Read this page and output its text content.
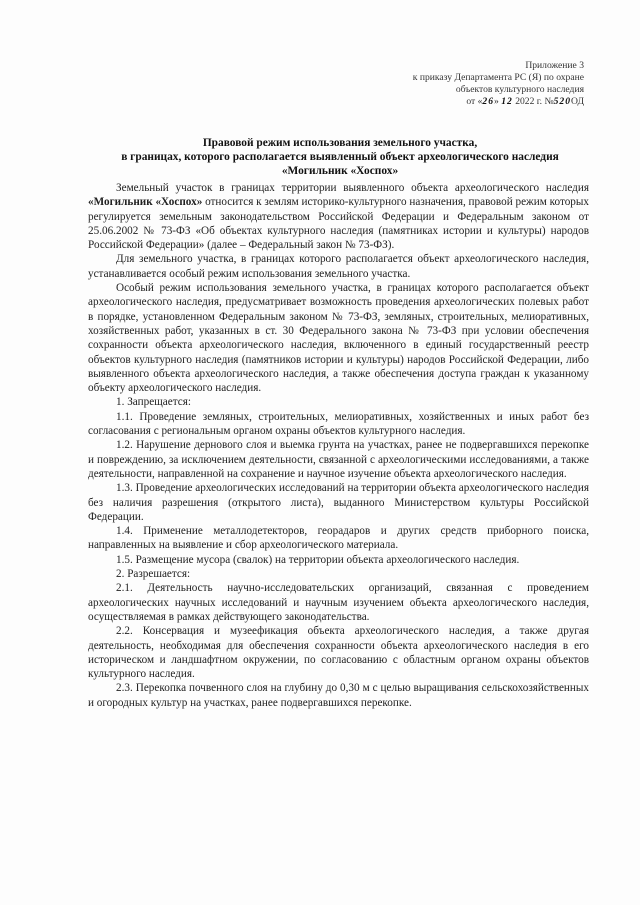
Приложение 3
к приказу Департамента РС (Я) по охране
объектов культурного наследия
от «26» 12 2022 г. №520ОД
Правовой режим использования земельного участка,
в границах, которого располагается выявленный объект археологического наследия
«Могильник «Хоспох»

Земельный участок в границах территории выявленного объекта археологического наследия «Могильник «Хоспох» относится к землям историко-культурного назначения, правовой режим которых регулируется земельным законодательством Российской Федерации и Федеральным законом от 25.06.2002 № 73-ФЗ «Об объектах культурного наследия (памятниках истории и культуры) народов Российской Федерации» (далее – Федеральный закон № 73-ФЗ).

Для земельного участка, в границах которого располагается объект археологического наследия, устанавливается особый режим использования земельного участка.

Особый режим использования земельного участка, в границах которого располагается объект археологического наследия, предусматривает возможность проведения археологических полевых работ в порядке, установленном Федеральным законом № 73-ФЗ, земляных, строительных, мелиоративных, хозяйственных работ, указанных в ст. 30 Федерального закона № 73-ФЗ при условии обеспечения сохранности объекта археологического наследия, включенного в единый государственный реестр объектов культурного наследия (памятников истории и культуры) народов Российской Федерации, либо выявленного объекта археологического наследия, а также обеспечения доступа граждан к указанному объекту археологического наследия.

1. Запрещается:

1.1. Проведение земляных, строительных, мелиоративных, хозяйственных и иных работ без согласования с региональным органом охраны объектов культурного наследия.

1.2. Нарушение дернового слоя и выемка грунта на участках, ранее не подвергавшихся перекопке и повреждению, за исключением деятельности, связанной с археологическими исследованиями, а также деятельности, направленной на сохранение и научное изучение объекта археологического наследия.

1.3. Проведение археологических исследований на территории объекта археологического наследия без наличия разрешения (открытого листа), выданного Министерством культуры Российской Федерации.

1.4. Применение металлодетекторов, георадаров и других средств приборного поиска, направленных на выявление и сбор археологического материала.

1.5. Размещение мусора (свалок) на территории объекта археологического наследия.

2. Разрешается:

2.1. Деятельность научно-исследовательских организаций, связанная с проведением археологических научных исследований и научным изучением объекта археологического наследия, осуществляемая в рамках действующего законодательства.

2.2. Консервация и музеефикация объекта археологического наследия, а также другая деятельность, необходимая для обеспечения сохранности объекта археологического наследия в его историческом и ландшафтном окружении, по согласованию с областным органом охраны объектов культурного наследия.

2.3. Перекопка почвенного слоя на глубину до 0,30 м с целью выращивания сельскохозяйственных и огородных культур на участках, ранее подвергавшихся перекопке.
